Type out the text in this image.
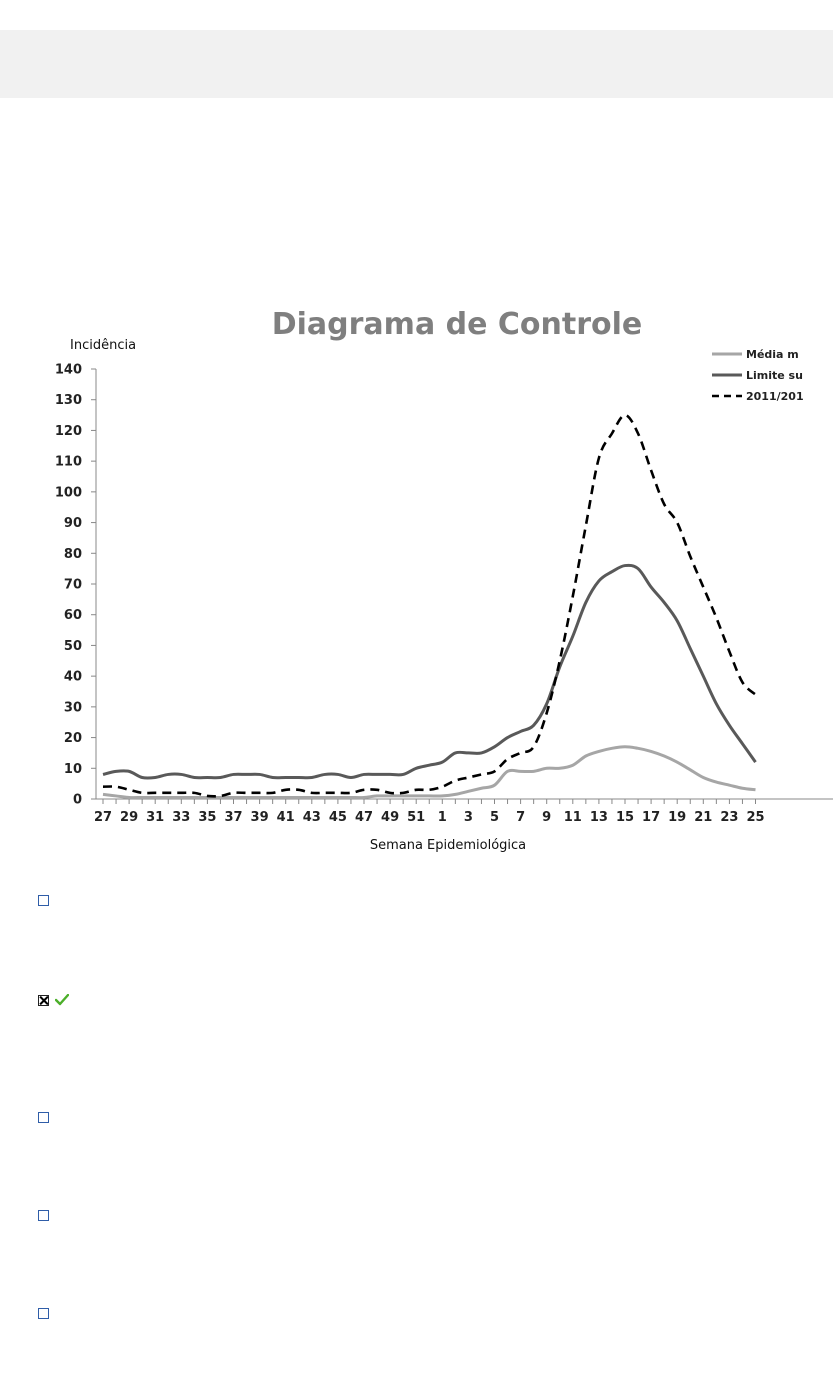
Diagrama de Controle
Incidência
Semana Epidemiológica
0
10
20
30
40
50
60
70
80
90
100
110
120
130
140
27 29 31 33 35 37 39 41 43 45 47 49 51 1 3 5 7 9 11 13 15 17 19 21 23 25
Média m
Limite su
2011/201
